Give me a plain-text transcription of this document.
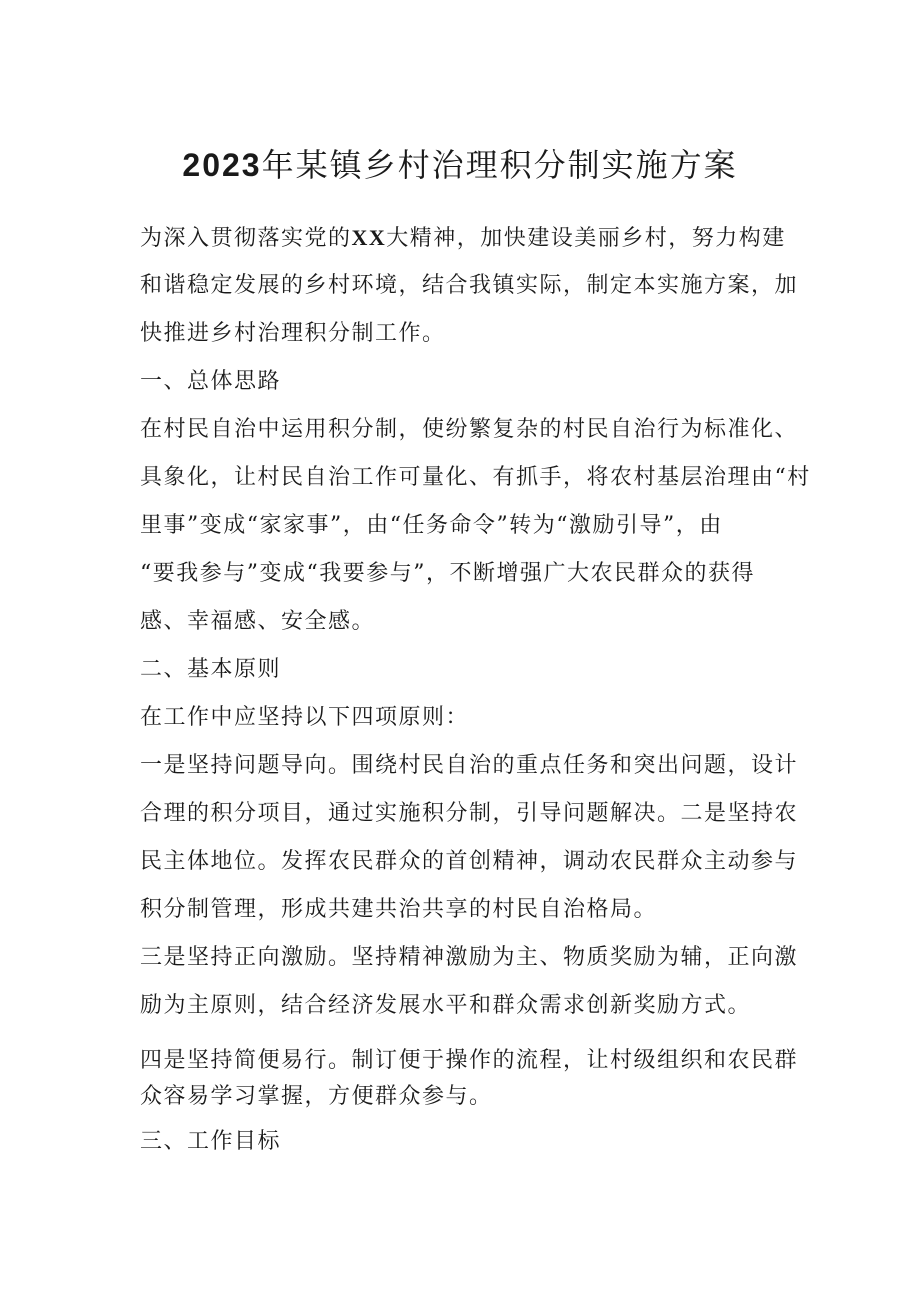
2023年某镇乡村治理积分制实施方案
为深入贯彻落实党的XX大精神，加快建设美丽乡村，努力构建
和谐稳定发展的乡村环境，结合我镇实际，制定本实施方案，加
快推进乡村治理积分制工作。
一、总体思路
在村民自治中运用积分制，使纷繁复杂的村民自治行为标准化、
具象化，让村民自治工作可量化、有抓手，将农村基层治理由“村
里事”变成“家家事”，由“任务命令”转为“激励引导”，由
“要我参与”变成“我要参与”，不断增强广大农民群众的获得
感、幸福感、安全感。
二、基本原则
在工作中应坚持以下四项原则：
一是坚持问题导向。围绕村民自治的重点任务和突出问题，设计
合理的积分项目，通过实施积分制，引导问题解决。二是坚持农
民主体地位。发挥农民群众的首创精神，调动农民群众主动参与
积分制管理，形成共建共治共享的村民自治格局。
三是坚持正向激励。坚持精神激励为主、物质奖励为辅，正向激
励为主原则，结合经济发展水平和群众需求创新奖励方式。
四是坚持简便易行。制订便于操作的流程，让村级组织和农民群
众容易学习掌握，方便群众参与。
三、工作目标
